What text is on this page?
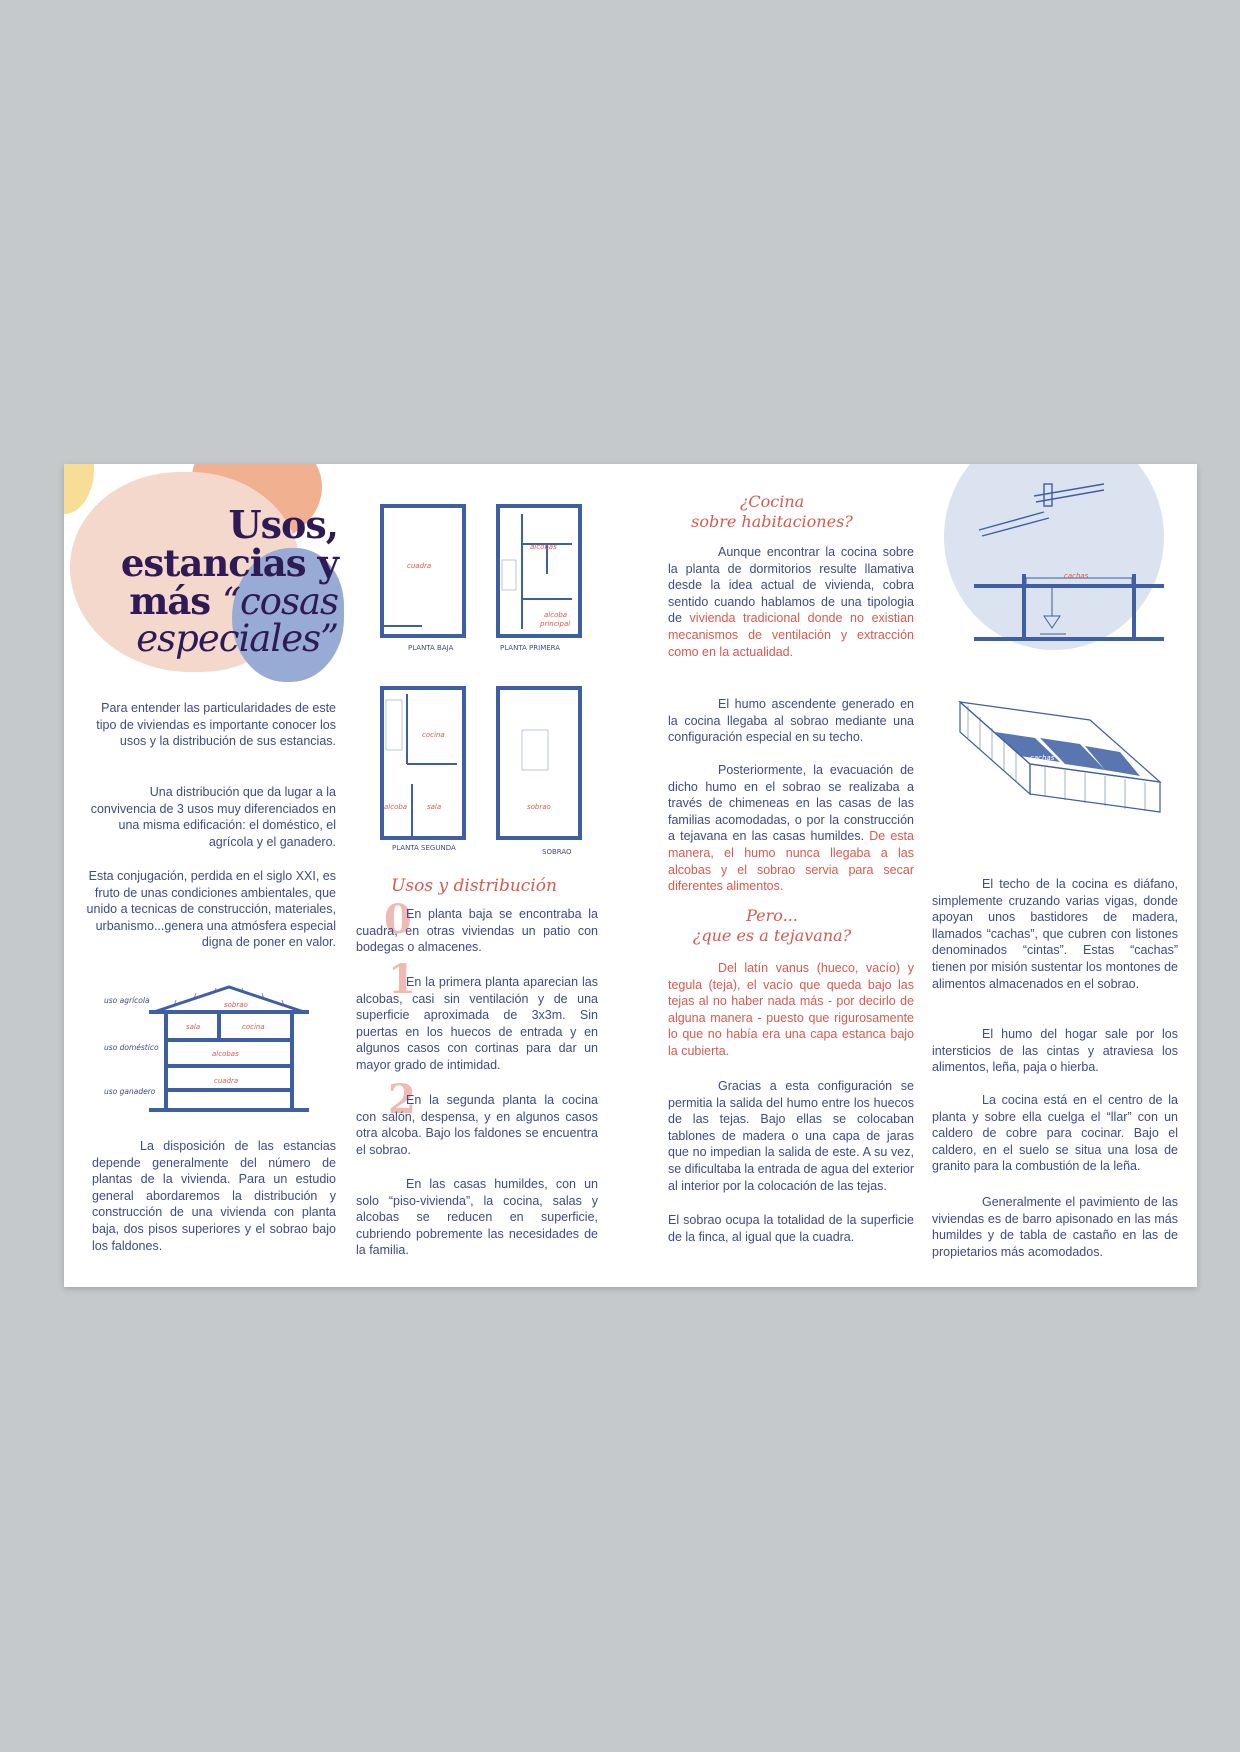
Usos,

estancias y

más “cosas

especiales”

Para entender las particularidades de este tipo de viviendas es importante conocer los usos y la distribución de sus estancias.

Una distribución que da lugar a la convivencia de 3 usos muy diferenciados en una misma edificación: el doméstico, el agrícola y el ganadero.

Esta conjugación, perdida en el siglo XXI, es fruto de unas condiciones ambientales, que unido a tecnicas de construcción, materiales, urbanismo...genera una atmósfera especial digna de poner en valor.

uso agrícola
uso doméstico
uso ganadero
sobrao
sala	cocina
alcobas
cuadra

La disposición de las estancias depende generalmente del número de plantas de la vivienda. Para un estudio general abordaremos la distribución y construcción de una vivienda con planta baja, dos pisos superiores y el sobrao bajo los faldones.

cuadra
alcobas
alcoba
principal
cocina
alcoba	sala	sobrao
PLANTA BAJA	PLANTA PRIMERA
PLANTA SEGUNDA	SOBRAO

Usos y distribución

0

En planta baja se encontraba la cuadra, en otras viviendas un patio con bodegas o almacenes.

1

En la primera planta aparecian las alcobas, casi sin ventilación y de una superficie aproximada de 3x3m. Sin puertas en los huecos de entrada y en algunos casos con cortinas para dar un mayor grado de intimidad.

2

En la segunda planta la cocina con salón, despensa, y en algunos casos otra alcoba. Bajo los faldones se encuentra el sobrao.

En las casas humildes, con un solo “piso-vivienda”, la cocina, salas y alcobas se reducen en superficie, cubriendo pobremente las necesidades de la familia.

¿Cocina

sobre habitaciones?

Aunque encontrar la cocina sobre la planta de dormitorios resulte llamativa desde la idea actual de vivienda, cobra sentido cuando hablamos de una tipologia de vivienda tradicional donde no existian mecanismos de ventilación y extracción como en la actualidad.

El humo ascendente generado en la cocina llegaba al sobrao mediante una configuración especial en su techo.

Posteriormente, la evacuación de dicho humo en el sobrao se realizaba a través de chimeneas en las casas de las familias acomodadas, o por la construcción a tejavana en las casas humildes. De esta manera, el humo nunca llegaba a las alcobas y el sobrao servia para secar diferentes alimentos.

Pero...

¿que es a tejavana?

Del latín vanus (hueco, vacío) y tegula (teja), el vacío que queda bajo las tejas al no haber nada más - por decirlo de alguna manera - puesto que rigurosamente lo que no había era una capa estanca bajo la cubierta.

Gracias a esta configuración se permitia la salida del humo entre los huecos de las tejas. Bajo ellas se colocaban tablones de madera o una capa de jaras que no impedian la salida de este. A su vez, se dificultaba la entrada de agua del exterior al interior por la colocación de las tejas.

El sobrao ocupa la totalidad de la superficie de la finca, al igual que la cuadra.

cachas
cachas

El techo de la cocina es diáfano, simplemente cruzando varias vigas, donde apoyan unos bastidores de madera, llamados “cachas”, que cubren con listones denominados “cintas”. Estas “cachas” tienen por misión sustentar los montones de alimentos almacenados en el sobrao.

El humo del hogar sale por los intersticios de las cintas y atraviesa los alimentos, leña, paja o hierba.

La cocina está en el centro de la planta y sobre ella cuelga el “llar” con un caldero de cobre para cocinar. Bajo el caldero, en el suelo se situa una losa de granito para la combustión de la leña.

Generalmente el pavimiento de las viviendas es de barro apisonado en las más humildes y de tabla de castaño en las de propietarios más acomodados.
